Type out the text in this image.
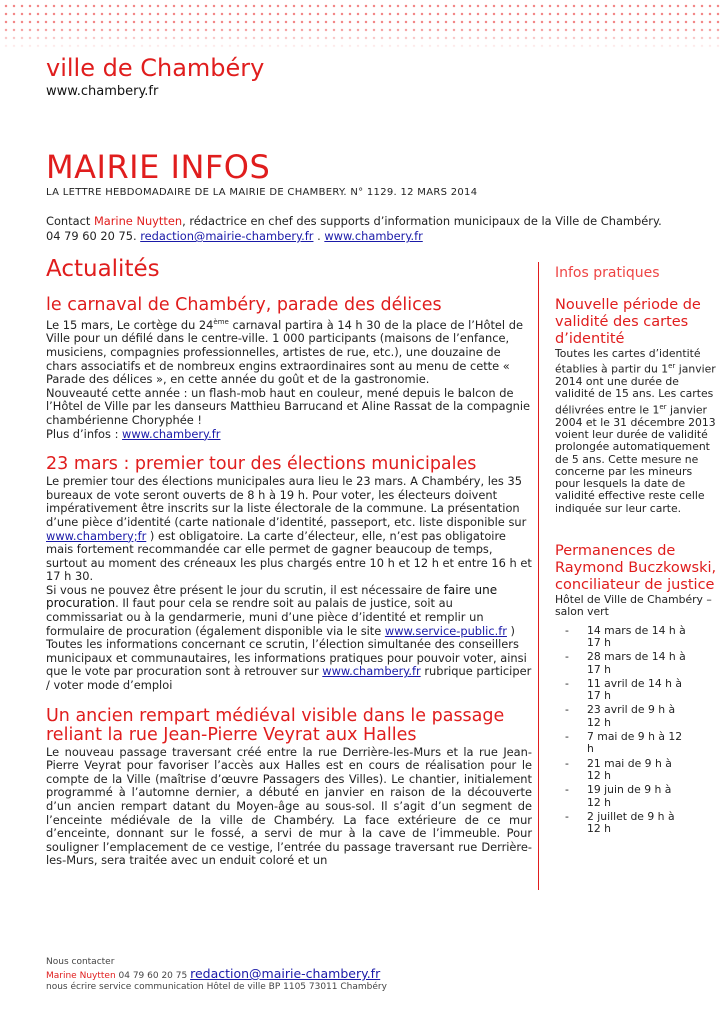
ville de Chambéry
www.chambery.fr
MAIRIE INFOS
LA LETTRE HEBDOMADAIRE DE LA MAIRIE DE CHAMBERY. N° 1129. 12 MARS 2014
Contact Marine Nuytten, rédactrice en chef des supports d’information municipaux de la Ville de Chambéry. 04 79 60 20 75. redaction@mairie-chambery.fr . www.chambery.fr
Actualités
le carnaval de Chambéry, parade des délices

Le 15 mars, Le cortège du 24ème carnaval partira à 14 h 30 de la place de l’Hôtel de Ville pour un défilé dans le centre-ville. 1 000 participants (maisons de l’enfance, musiciens, compagnies professionnelles, artistes de rue, etc.), une douzaine de chars associatifs et de nombreux engins extraordinaires sont au menu de cette « Parade des délices », en cette année du goût et de la gastronomie.

Nouveauté cette année : un flash-mob haut en couleur, mené depuis le balcon de l’Hôtel de Ville par les danseurs Matthieu Barrucand et Aline Rassat de la compagnie chambérienne Choryphée !

Plus d’infos : www.chambery.fr

23 mars : premier tour des élections municipales

Le premier tour des élections municipales aura lieu le 23 mars. A Chambéry, les 35 bureaux de vote seront ouverts de 8 h à 19 h. Pour voter, les électeurs doivent impérativement être inscrits sur la liste électorale de la commune. La présentation d’une pièce d’identité (carte nationale d’identité, passeport, etc. liste disponible sur www.chambery;fr ) est obligatoire. La carte d’électeur, elle, n’est pas obligatoire mais fortement recommandée car elle permet de gagner beaucoup de temps, surtout au moment des créneaux les plus chargés entre 10 h et 12 h et entre 16 h et 17 h 30.

Si vous ne pouvez être présent le jour du scrutin, il est nécessaire de faire une procuration. Il faut pour cela se rendre soit au palais de justice, soit au commissariat ou à la gendarmerie, muni d’une pièce d’identité et remplir un formulaire de procuration (également disponible via le site www.service-public.fr )

Toutes les informations concernant ce scrutin, l’élection simultanée des conseillers municipaux et communautaires, les informations pratiques pour pouvoir voter, ainsi que le vote par procuration sont à retrouver sur www.chambery.fr rubrique participer / voter mode d’emploi

Un ancien rempart médiéval visible dans le passage reliant la rue Jean-Pierre Veyrat aux Halles

Le nouveau passage traversant créé entre la rue Derrière-les-Murs et la rue Jean-Pierre Veyrat pour favoriser l’accès aux Halles est en cours de réalisation pour le compte de la Ville (maîtrise d’œuvre Passagers des Villes). Le chantier, initialement programmé à l’automne dernier, a débuté en janvier en raison de la découverte d’un ancien rempart datant du Moyen-âge au sous-sol. Il s’agit d’un segment de l’enceinte médiévale de la ville de Chambéry. La face extérieure de ce mur d’enceinte, donnant sur le fossé, a servi de mur à la cave de l’immeuble. Pour souligner l’emplacement de ce vestige, l’entrée du passage traversant rue Derrière-les-Murs, sera traitée avec un enduit coloré et un

Infos pratiques
Nouvelle période de validité des cartes d’identité
Toutes les cartes d’identité établies à partir du 1er janvier 2014 ont une durée de validité de 15 ans. Les cartes délivrées entre le 1er janvier 2004 et le 31 décembre 2013 voient leur durée de validité prolongée automatiquement de 5 ans. Cette mesure ne concerne par les mineurs pour lesquels la date de validité effective reste celle indiquée sur leur carte.
Permanences de Raymond Buczkowski, conciliateur de justice
Hôtel de Ville de Chambéry – salon vert
- 14 mars de 14 h à 17 h
- 28 mars de 14 h à 17 h
- 11 avril de 14 h à 17 h
- 23 avril de 9 h à 12 h
- 7 mai de 9 h à 12 h
- 21 mai de 9 h à 12 h
- 19 juin de 9 h à 12 h
- 2 juillet de 9 h à 12 h
Nous contacter
Marine Nuytten 04 79 60 20 75 redaction@mairie-chambery.fr
nous écrire service communication Hôtel de ville BP 1105 73011 Chambéry
